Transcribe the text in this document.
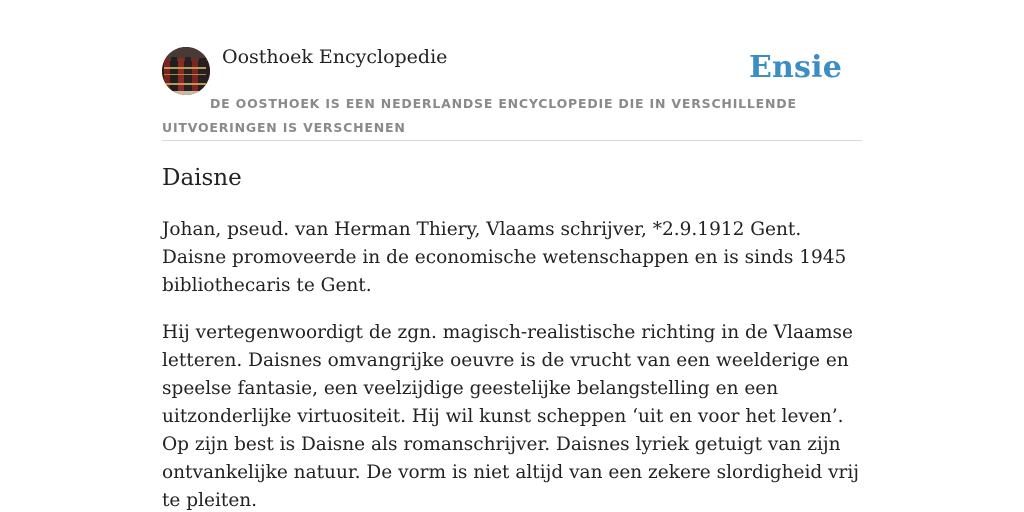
Oosthoek Encyclopedie	Ensie
DE OOSTHOEK IS EEN NEDERLANDSE ENCYCLOPEDIE DIE IN VERSCHILLENDE UITVOERINGEN IS VERSCHENEN
Daisne

Johan, pseud. van Herman Thiery, Vlaams schrijver, *2.9.1912 Gent. Daisne promoveerde in de economische wetenschappen en is sinds 1945 bibliothecaris te Gent.

Hij vertegenwoordigt de zgn. magisch-realistische richting in de Vlaamse letteren. Daisnes omvangrijke oeuvre is de vrucht van een weelderige en speelse fantasie, een veelzijdige geestelijke belangstelling en een uitzonderlijke virtuositeit. Hij wil kunst scheppen ‘uit en voor het leven’. Op zijn best is Daisne als romanschrijver. Daisnes lyriek getuigt van zijn ontvankelijke natuur. De vorm is niet altijd van een zekere slordigheid vrij te pleiten.
